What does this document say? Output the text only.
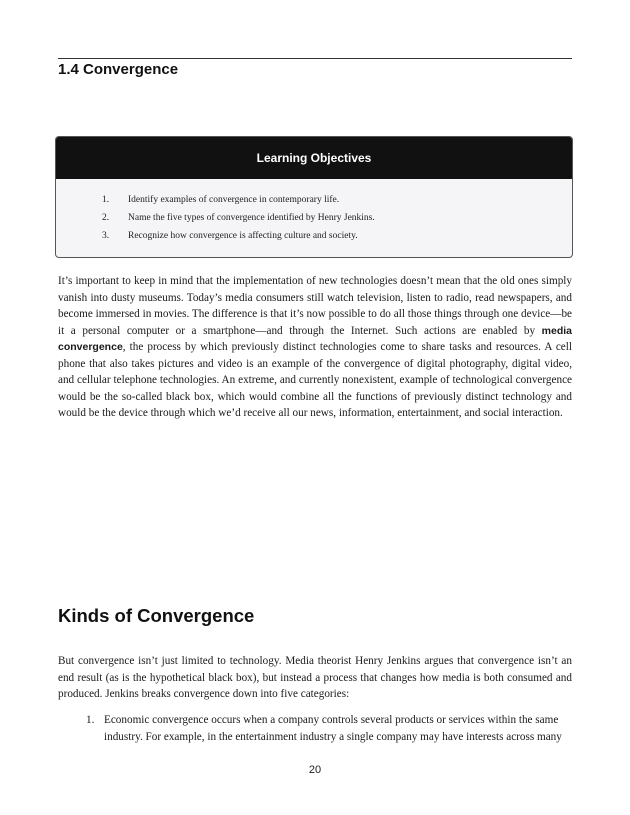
1.4 Convergence
Learning Objectives
1.	Identify examples of convergence in contemporary life.
2.	Name the five types of convergence identified by Henry Jenkins.
3.	Recognize how convergence is affecting culture and society.
It’s important to keep in mind that the implementation of new technologies doesn’t mean that the old ones simply vanish into dusty museums. Today’s media consumers still watch television, listen to radio, read newspapers, and become immersed in movies. The difference is that it’s now possible to do all those things through one device—be it a personal computer or a smartphone—and through the Internet. Such actions are enabled by media convergence, the process by which previously distinct technologies come to share tasks and resources. A cell phone that also takes pictures and video is an example of the convergence of digital photography, digital video, and cellular telephone technologies. An extreme, and currently nonexistent, example of technological convergence would be the so-called black box, which would combine all the functions of previously distinct technology and would be the device through which we’d receive all our news, information, entertainment, and social interaction.
Kinds of Convergence
But convergence isn’t just limited to technology. Media theorist Henry Jenkins argues that convergence isn’t an end result (as is the hypothetical black box), but instead a process that changes how media is both consumed and produced. Jenkins breaks convergence down into five categories:
1. Economic convergence occurs when a company controls several products or services within the same industry. For example, in the entertainment industry a single company may have interests across many
20
